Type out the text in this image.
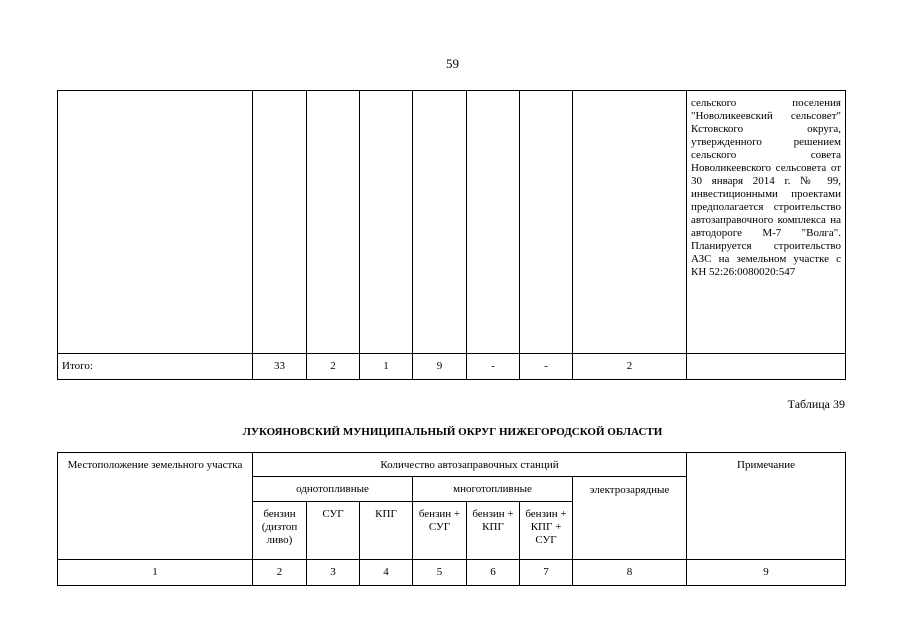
59

								сельского поселения "Новоликеевский сельсовет" Кстовского округа, утвержденного решением сельского совета Новоликеевского сельсовета от 30 января 2014 г. № 99, инвестиционными проектами предполагается строительство автозаправочного комплекса на автодороге М-7 "Волга". Планируется строительство АЗС на земельном участке с КН 52:26:0080020:547

Итого:	33	2	1	9	-	-	2	
Таблица 39
ЛУКОЯНОВСКИЙ МУНИЦИПАЛЬНЫЙ ОКРУГ НИЖЕГОРОДСКОЙ ОБЛАСТИ
Местоположение земельного участка	Количество автозаправочных станций							Примечание
	однотопливные			многотопливные			электрозарядные	
	бензин (дизтоп ливо)	СУГ	КПГ	бензин + СУГ	бензин + КПГ	бензин + КПГ + СУГ		
1	2	3	4	5	6	7	8	9
